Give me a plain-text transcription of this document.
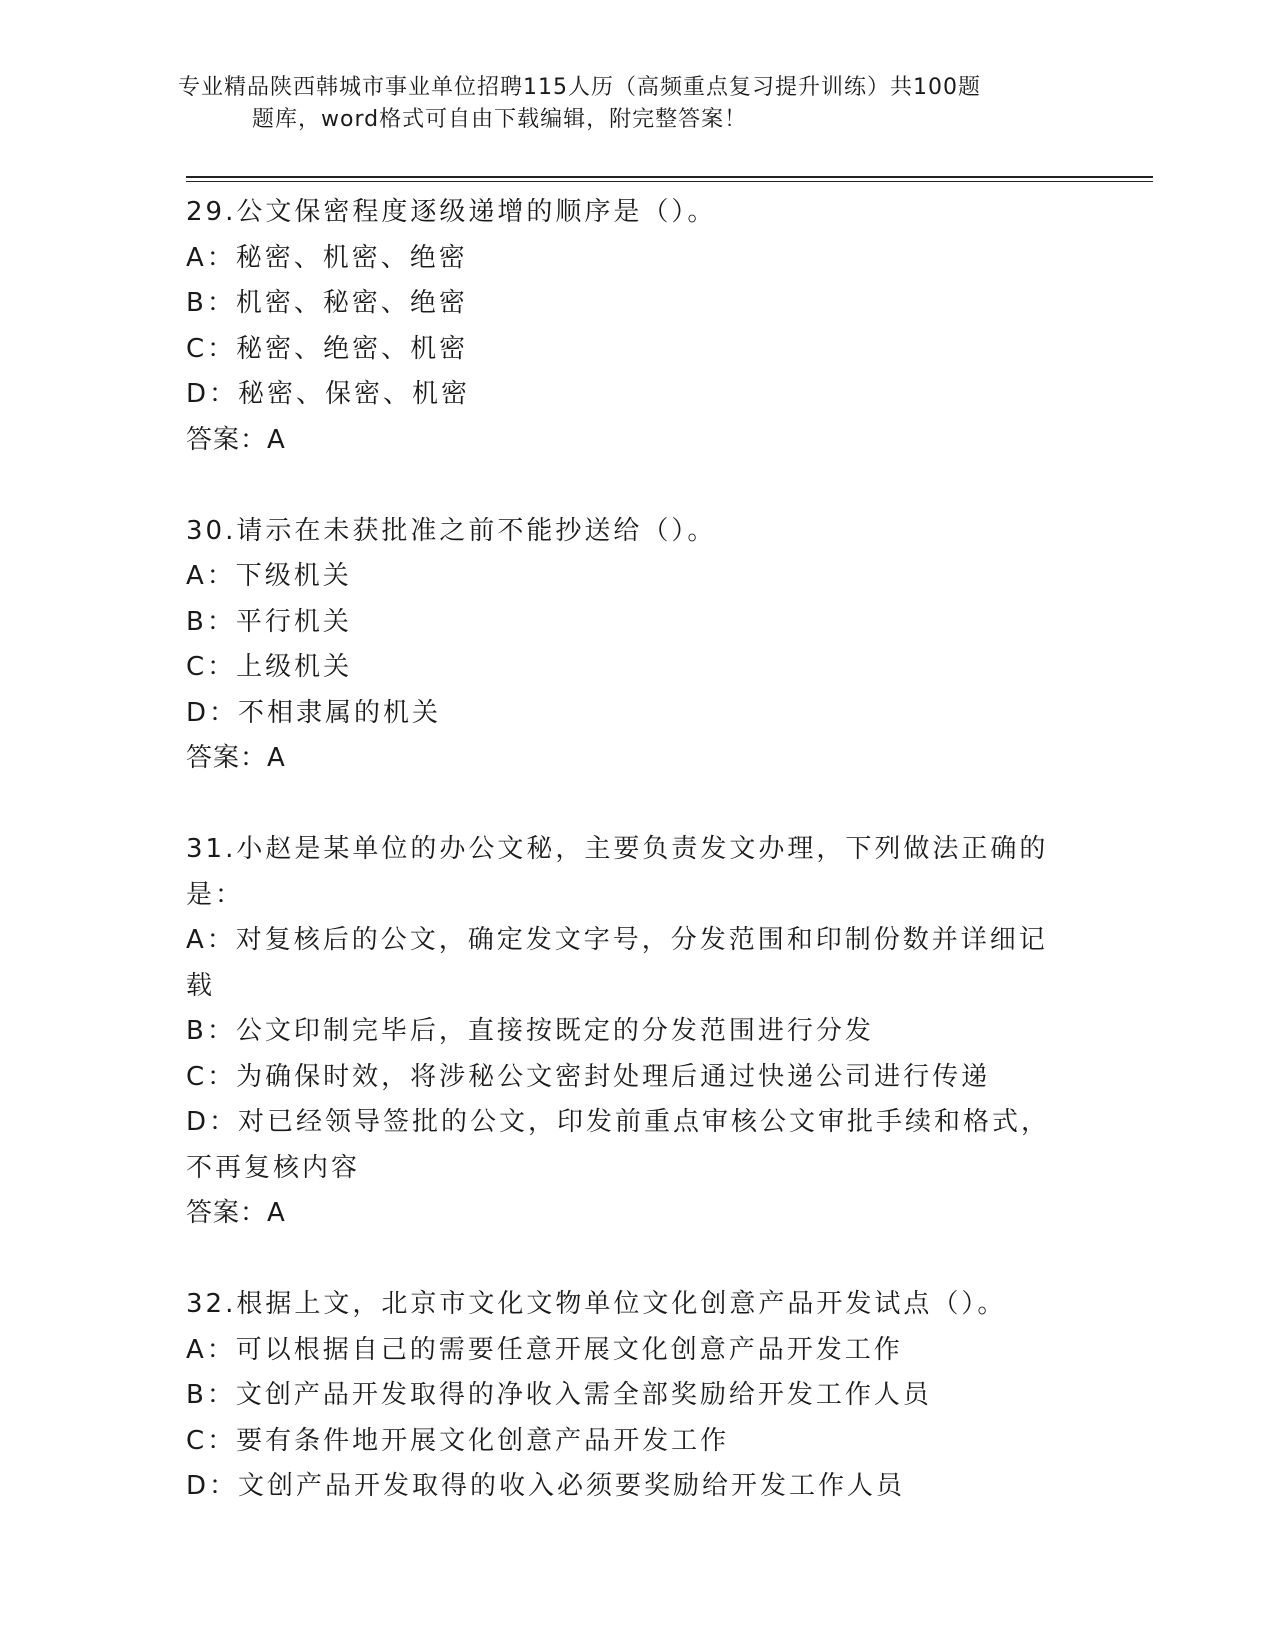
专业精品陕西韩城市事业单位招聘115人历（高频重点复习提升训练）共100题
题库，word格式可自由下载编辑，附完整答案！
29.公文保密程度逐级递增的顺序是（）。
A：秘密、机密、绝密
B：机密、秘密、绝密
C：秘密、绝密、机密
D：秘密、保密、机密
答案：A
30.请示在未获批准之前不能抄送给（）。
A：下级机关
B：平行机关
C：上级机关
D：不相隶属的机关
答案：A
31.小赵是某单位的办公文秘，主要负责发文办理，下列做法正确的是：
A：对复核后的公文，确定发文字号，分发范围和印制份数并详细记载
B：公文印制完毕后，直接按既定的分发范围进行分发
C：为确保时效，将涉秘公文密封处理后通过快递公司进行传递
D：对已经领导签批的公文，印发前重点审核公文审批手续和格式，不再复核内容
答案：A
32.根据上文，北京市文化文物单位文化创意产品开发试点（）。
A：可以根据自己的需要任意开展文化创意产品开发工作
B：文创产品开发取得的净收入需全部奖励给开发工作人员
C：要有条件地开展文化创意产品开发工作
D：文创产品开发取得的收入必须要奖励给开发工作人员
